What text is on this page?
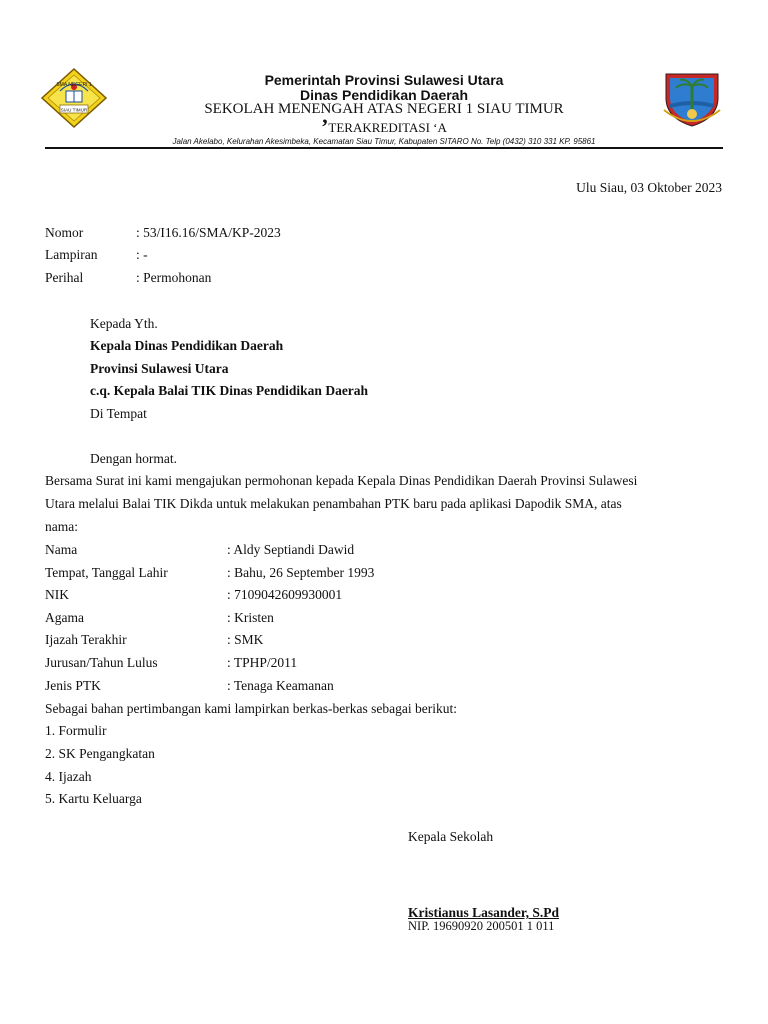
SMA NEGERI 1
SIAU TIMUR
Pemerintah Provinsi Sulawesi Utara
Dinas Pendidikan Daerah
SEKOLAH MENENGAH ATAS NEGERI 1 SIAU TIMUR
’TERAKREDITASI ‘A
Jalan Akelabo, Kelurahan Akesimbeka, Kecamatan Siau Timur, Kabupaten SITARO No. Telp (0432) 310 331 KP. 95861
Ulu Siau, 03 Oktober 2023
Nomor	: 53/I16.16/SMA/KP-2023
Lampiran	: -
Perihal	: Permohonan
Kepada Yth.
Kepala Dinas Pendidikan Daerah
Provinsi Sulawesi Utara
c.q. Kepala Balai TIK Dinas Pendidikan Daerah
Di Tempat
Dengan hormat.
Bersama Surat ini kami mengajukan permohonan kepada Kepala Dinas Pendidikan Daerah Provinsi Sulawesi
Utara melalui Balai TIK Dikda untuk melakukan penambahan PTK baru pada aplikasi Dapodik SMA, atas
nama:
Nama	: Aldy Septiandi Dawid
Tempat, Tanggal Lahir	: Bahu, 26 September 1993
NIK	: 7109042609930001
Agama	: Kristen
Ijazah Terakhir	: SMK
Jurusan/Tahun Lulus	: TPHP/2011
Jenis PTK	: Tenaga Keamanan
Sebagai bahan pertimbangan kami lampirkan berkas-berkas sebagai berikut:
1. Formulir
2. SK Pengangkatan
4. Ijazah
5. Kartu Keluarga
Kepala Sekolah
Kristianus Lasander, S.Pd
NIP. 19690920 200501 1 011
